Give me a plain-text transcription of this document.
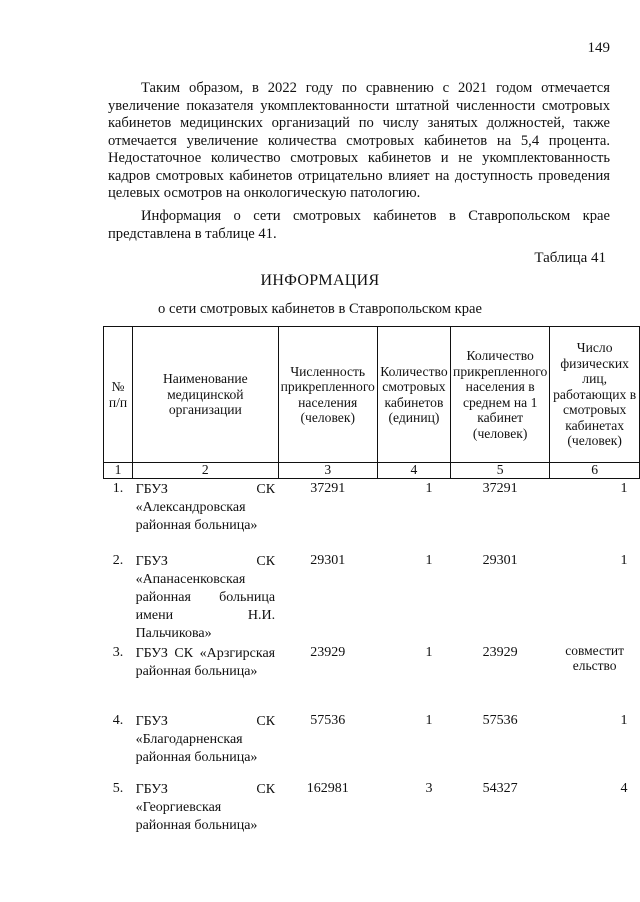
149

Таким образом, в 2022 году по сравнению с 2021 годом отмечается увеличение показателя укомплектованности штатной численности смотровых кабинетов медицинских организаций по числу занятых должностей, также отмечается увеличение количества смотровых кабинетов на 5,4 процента. Недостаточное количество смотровых кабинетов и не укомплектованность кадров смотровых кабинетов отрицательно влияет на доступность проведения целевых осмотров на онкологическую патологию.

Информация о сети смотровых кабинетов в Ставропольском крае представлена в таблице 41.

Таблица 41
ИНФОРМАЦИЯ
о сети смотровых кабинетов в Ставропольском крае
№ п/п	Наименование медицинской организации	Численность прикрепленного населения (человек)	Количество смотровых кабинетов (единиц)	Количество прикрепленного населения в среднем на 1 кабинет (человек)	Число физических лиц, работающих в смотровых кабинетах (человек)
1	2	3	4	5	6
1.	ГБУЗ СК «Александровская районная больница»	37291	1	37291	1
2.	ГБУЗ СК «Апанасенковская районная больница имени Н.И. Пальчикова»	29301	1	29301	1
3.	ГБУЗ СК «Арзгирская районная больница»	23929	1	23929	совместительство
4.	ГБУЗ СК «Благодарненская районная больница»	57536	1	57536	1
5.	ГБУЗ СК «Георгиевская районная больница»	162981	3	54327	4
